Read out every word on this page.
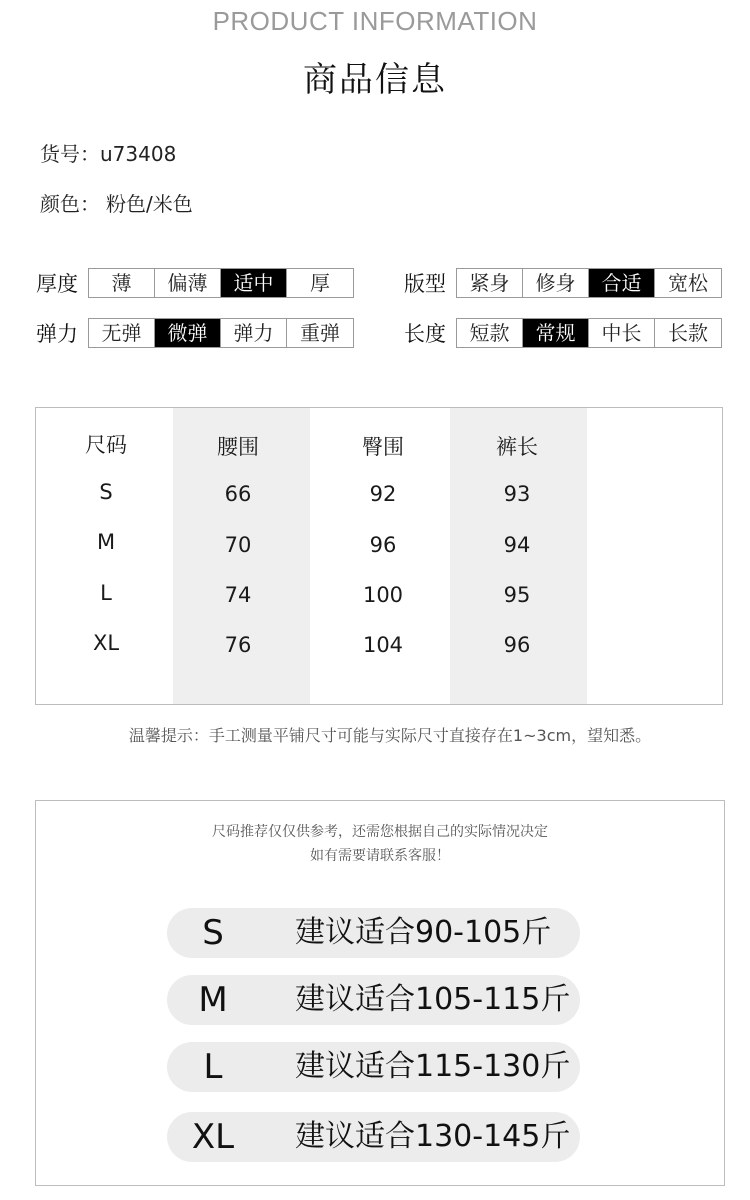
PRODUCT INFORMATION
商品信息
货号：u73408
颜色： 粉色/米色
厚度	薄	偏薄	适中	厚	版型	紧身	修身	合适	宽松
弹力	无弹	微弹	弹力	重弹	长度	短款	常规	中长	长款
尺码	腰围	臀围	裤长
S	66	92	93
M	70	96	94
L	74	100	95
XL	76	104	96
温馨提示：手工测量平铺尺寸可能与实际尺寸直接存在1~3cm，望知悉。
尺码推荐仅仅供参考，还需您根据自己的实际情况决定
如有需要请联系客服！
S	建议适合90-105斤
M	建议适合105-115斤
L	建议适合115-130斤
XL	建议适合130-145斤
